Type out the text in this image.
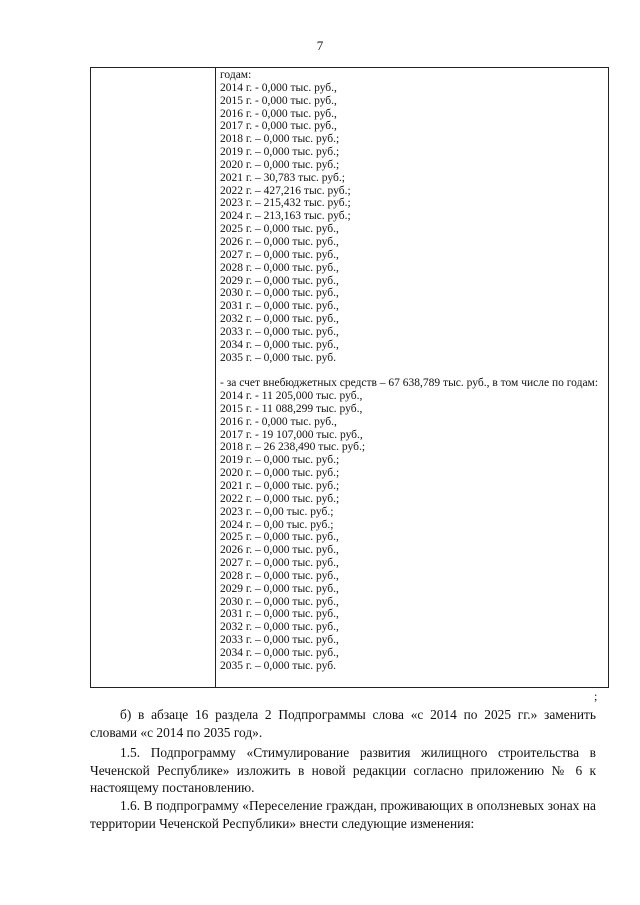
7
годам:
2014 г. - 0,000 тыс. руб.,
2015 г. - 0,000 тыс. руб.,
2016 г. - 0,000 тыс. руб.,
2017 г. - 0,000 тыс. руб.,
2018 г. – 0,000 тыс. руб.;
2019 г. – 0,000 тыс. руб.;
2020 г. – 0,000 тыс. руб.;
2021 г. – 30,783 тыс. руб.;
2022 г. – 427,216 тыс. руб.;
2023 г. – 215,432 тыс. руб.;
2024 г. – 213,163 тыс. руб.;
2025 г. – 0,000 тыс. руб.,
2026 г. – 0,000 тыс. руб.,
2027 г. – 0,000 тыс. руб.,
2028 г. – 0,000 тыс. руб.,
2029 г. – 0,000 тыс. руб.,
2030 г. – 0,000 тыс. руб.,
2031 г. – 0,000 тыс. руб.,
2032 г. – 0,000 тыс. руб.,
2033 г. – 0,000 тыс. руб.,
2034 г. – 0,000 тыс. руб.,
2035 г. – 0,000 тыс. руб.
- за счет внебюджетных средств – 67 638,789 тыс. руб., в том числе по годам:
2014 г. - 11 205,000 тыс. руб.,
2015 г. - 11 088,299 тыс. руб.,
2016 г. - 0,000 тыс. руб.,
2017 г. - 19 107,000 тыс. руб.,
2018 г. – 26 238,490 тыс. руб.;
2019 г. – 0,000 тыс. руб.;
2020 г. – 0,000 тыс. руб.;
2021 г. – 0,000 тыс. руб.;
2022 г. – 0,000 тыс. руб.;
2023 г. – 0,00 тыс. руб.;
2024 г. – 0,00 тыс. руб.;
2025 г. – 0,000 тыс. руб.,
2026 г. – 0,000 тыс. руб.,
2027 г. – 0,000 тыс. руб.,
2028 г. – 0,000 тыс. руб.,
2029 г. – 0,000 тыс. руб.,
2030 г. – 0,000 тыс. руб.,
2031 г. – 0,000 тыс. руб.,
2032 г. – 0,000 тыс. руб.,
2033 г. – 0,000 тыс. руб.,
2034 г. – 0,000 тыс. руб.,
2035 г. – 0,000 тыс. руб.
;

б) в абзаце 16 раздела 2 Подпрограммы слова «с 2014 по 2025 гг.» заменить словами «с 2014 по 2035 год».

1.5. Подпрограмму «Стимулирование развития жилищного строительства в Чеченской Республике» изложить в новой редакции согласно приложению № 6 к настоящему постановлению.

1.6. В подпрограмму «Переселение граждан, проживающих в оползневых зонах на территории Чеченской Республики» внести следующие изменения:
